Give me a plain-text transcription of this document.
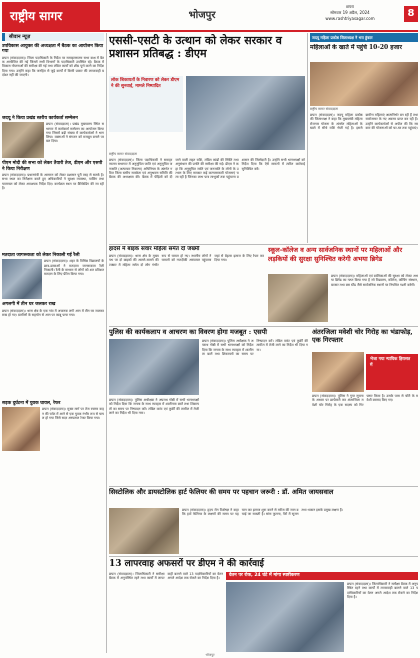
राष्ट्रीय सागर	भोजपुर
छपरा
सोमवार 19 अप्रैल, 2024
www.rashtriyasagar.com	8
सीवान न्यूज़
उपविकास आयुक्त की अध्यक्षता में बैठक का आयोजन किया गया
छपरा (संवाददाता)। जिला पदाधिकारी के निर्देश पर समाहरणालय सभा कक्ष में बैठक आयोजित की गई जिसमें सभी विभागों के पदाधिकारी उपस्थित रहे। बैठक में विकास योजनाओं की समीक्षा की गई तथा लंबित कार्यों को शीघ्र पूर्ण करने का निर्देश दिया गया। उन्होंने कहा कि जनहित से जुड़े कार्यों में किसी प्रकार की लापरवाही बर्दाश्त नहीं की जाएगी।
जदयू ने किया प्रखंड स्तरीय कार्यकर्ता सम्मेलन
छपरा (संवाददाता)। प्रखंड मुख्यालय स्थित सभागार में कार्यकर्ता सम्मेलन का आयोजन किया गया जिसमें बड़ी संख्या में कार्यकर्ताओं ने भाग लिया। वक्ताओं ने संगठन को मजबूत बनाने पर बल दिया।
पीएम मोदी की सभा को लेकर तैयारी तेज, डीएम और एसपी ने किया निरीक्षण
छपरा (संवाददाता)। प्रधानमंत्री के आगमन को लेकर प्रशासन पूरी तरह से सतर्क है। सभा स्थल का निरीक्षण करते हुए अधिकारियों ने सुरक्षा व्यवस्था, पार्किंग तथा यातायात को लेकर आवश्यक निर्देश दिए। कार्यक्रम स्थल पर बैरिकेडिंग की जा रही है।
मतदाता जागरूकता को लेकर निकाली गई रैली
छपरा (संवाददाता)। शहर के विभिन्न विद्यालयों के छात्र-छात्राओं ने मतदाता जागरूकता रैली निकाली। रैली के माध्यम से लोगों को शत प्रतिशत मतदान के लिए प्रेरित किया गया।
अगलगी में तीन घर जलकर राख
छपरा (संवाददाता)। थाना क्षेत्र के एक गांव में अचानक लगी आग में तीन घर जलकर राख हो गए। ग्रामीणों के सहयोग से आग पर काबू पाया गया।
सड़क दुर्घटना में युवक घायल, रेफर
छपरा (संवाददाता)। मुख्य मार्ग पर तेज रफ्तार वाहन की चपेट में आने से एक युवक गंभीर रूप से घायल हो गया जिसे सदर अस्पताल रेफर किया गया।
एससी-एसटी के उत्थान को लेकर सरकार व प्रशासन प्रतिबद्ध : डीएम
लोक शिकायतों के निवारण को लेकर डीएम ने की सुनवाई, मामले निष्पादित
राष्ट्रीय सागर संवाददाता
छपरा (संवाददाता)। जिला पदाधिकारी ने समाहरणालय सभागार में अनुसूचित जाति एवं अनुसूचित जनजाति (अत्याचार निवारण) अधिनियम के अंतर्गत गठित जिला स्तरीय सतर्कता एवं अनुश्रवण समिति की बैठक की अध्यक्षता की। बैठक में पीड़ितों को दी जाने वाली राहत राशि, लंबित कांडों की स्थिति तथा अनुसंधान की प्रगति की समीक्षा की गई। डीएम ने कहा कि अनुसूचित जाति एवं जनजाति के लोगों के उत्थान के लिए सरकार कई कल्याणकारी योजनाएं चला रही है जिनका लाभ पात्र लाभुकों तक पहुंचाना प्रशासन की जिम्मेदारी है। उन्होंने सभी थानाध्यक्षों को निर्देश दिया कि ऐसे मामलों में त्वरित कार्रवाई सुनिश्चित करें।
जदयू महिला प्रकोष्ठ जिलाध्यक्ष ने भरा हुंकार
महिलाओं के खाते में पहुंचे 10-20 हजार
राष्ट्रीय सागर संवाददाता
छपरा (संवाददाता)। जदयू महिला प्रकोष्ठ की जिलाध्यक्ष ने कहा कि मुख्यमंत्री महिला रोजगार योजना के अंतर्गत महिलाओं के खाते में सीधे राशि भेजी गई है। इससे ग्रामीण महिलाएं आत्मनिर्भर बन रही हैं तथा स्वरोजगार के नए अवसर प्राप्त कर रही हैं। उन्होंने कार्यकर्ताओं से अपील की कि सरकार की योजनाओं को घर-घर तक पहुंचाएं।
हादसे में बाइक सवार महिला समेत दो जख्मी
छपरा (संवाददाता)। थाना क्षेत्र के मुख्य पथ पर दो बाइकों की आमने-सामने की टक्कर में महिला समेत दो लोग गंभीर रूप से घायल हो गए। स्थानीय लोगों ने घायलों को नजदीकी अस्पताल पहुंचाया जहां से बेहतर इलाज के लिए रेफर कर दिया गया।
स्कूल-कॉलेज व अन्य सार्वजनिक स्थानों पर महिलाओं और लड़कियों की सुरक्षा सुनिश्चित करेगी अभया ब्रिगेड
छपरा (संवाददाता)। महिलाओं एवं बालिकाओं की सुरक्षा को लेकर अभया ब्रिगेड का गठन किया गया है जो विद्यालय, कॉलेज, कोचिंग संस्थान, बाजार तथा बस स्टैंड जैसे सार्वजनिक स्थानों पर नियमित गश्ती करेगी।
पुलिस की कार्यकलाप व आचरण का विवरण होगा मजबूत : एसपी
छपरा (संवाददाता)। पुलिस अधीक्षक ने अपराध गोष्ठी में सभी थानाध्यक्षों को निर्देश दिया कि जनता के साथ व्यवहार में शालीनता बरतें तथा शिकायतों का समय पर निष्पादन करें। लंबित वारंट एवं कुर्की की तामील में तेजी लाने का निर्देश भी दिया गया।
अंतरजिला मवेशी चोर गिरोह का भंडाफोड़, एक गिरफ्तार
भेजा गया न्यायिक हिरासत में
छपरा (संवाददाता)। पुलिस ने गुप्त सूचना के आधार पर छापेमारी कर अंतरजिला मवेशी चोर गिरोह के एक सदस्य को गिरफ्तार किया है। उसके पास से चोरी के मवेशी बरामद किए गए।
छपरा (संवाददाता)। पुलिस अधीक्षक ने अपराध गोष्ठी में सभी थानाध्यक्षों को निर्देश दिया कि जनता के साथ व्यवहार में शालीनता बरतें तथा शिकायतों का समय पर निष्पादन करें। लंबित वारंट एवं कुर्की की तामील में तेजी लाने का निर्देश भी दिया गया।
सिस्टोलिक और डायस्टोलिक हार्ट फेलियर की समय पर पहचान जरूरी : डॉ. अमित जायसवाल
छपरा (संवाददाता)। हृदय रोग विशेषज्ञ ने कहा कि हार्ट फेलियर के लक्षणों की समय पर पहचान कर इलाज शुरू करने से मरीज की जान बचाई जा सकती है। सांस फूलना, पैरों में सूजन तथा थकान इसके प्रमुख लक्षण हैं।
13 लापरवाह अफसरों पर डीएम ने की कार्रवाई
वेतन पर रोक, 24 घंटे में मांगा स्पष्टीकरण
छपरा (संवाददाता)। जिलाधिकारी ने समीक्षा बैठक में अनुपस्थित रहने तथा कार्यों में लापरवाही बरतने वाले 13 पदाधिकारियों का वेतन अगले आदेश तक रोकने का निर्देश दिया है।
छपरा (संवाददाता)। जिलाधिकारी ने समीक्षा बैठक में अनुपस्थित रहने तथा कार्यों में लापरवाही बरतने वाले 13 पदाधिकारियों का वेतन अगले आदेश तक रोकने का निर्देश दिया है।
भोजपुर
